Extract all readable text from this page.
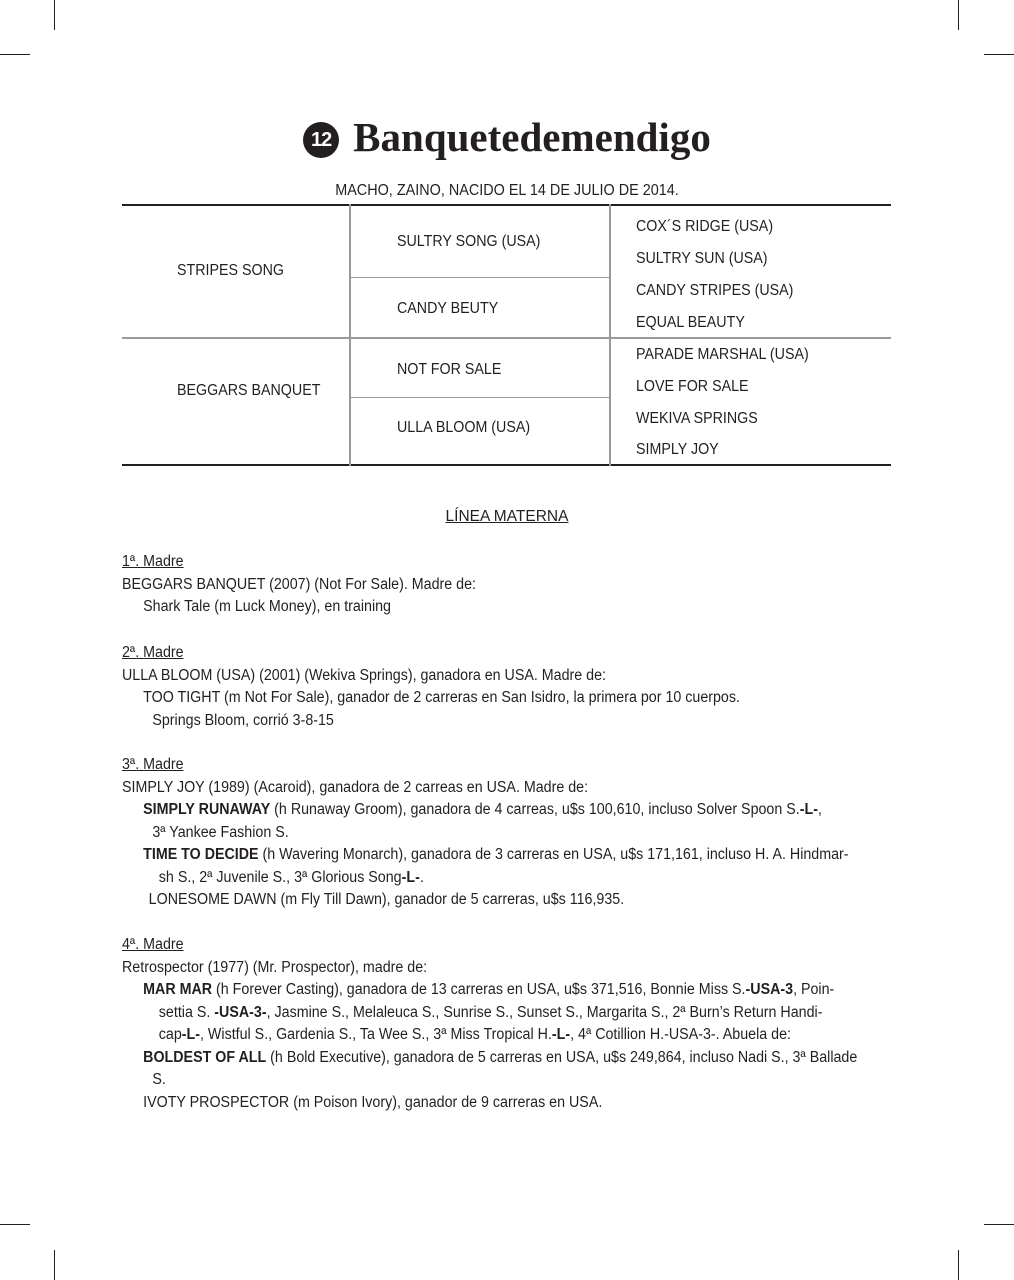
12 Banquetedemendigo
MACHO, ZAINO, NACIDO EL 14 DE JULIO DE 2014.
STRIPES SONG
BEGGARS BANQUET
SULTRY SONG (USA)
CANDY BEUTY
NOT FOR SALE
ULLA BLOOM (USA)
COX´S RIDGE (USA)
SULTRY SUN (USA)
CANDY STRIPES (USA)
EQUAL BEAUTY
PARADE MARSHAL (USA)
LOVE FOR SALE
WEKIVA SPRINGS
SIMPLY JOY
LÍNEA MATERNA
1ª. Madre
BEGGARS BANQUET (2007) (Not For Sale). Madre de:
Shark Tale (m Luck Money), en training
2ª. Madre
ULLA BLOOM (USA) (2001) (Wekiva Springs), ganadora en USA. Madre de:
TOO TIGHT (m Not For Sale), ganador de 2 carreras en San Isidro, la primera por 10 cuerpos.
Springs Bloom, corrió 3-8-15
3ª. Madre
SIMPLY JOY (1989) (Acaroid), ganadora de 2 carreas en USA. Madre de:
SIMPLY RUNAWAY (h Runaway Groom), ganadora de 4 carreas, u$s 100,610, incluso Solver Spoon S.-L-,
3ª Yankee Fashion S.
TIME TO DECIDE (h Wavering Monarch), ganadora de 3 carreras en USA, u$s 171,161, incluso H. A. Hindmar-
sh S., 2ª Juvenile S., 3ª Glorious Song-L-.
LONESOME DAWN (m Fly Till Dawn), ganador de 5 carreras, u$s 116,935.
4ª. Madre
Retrospector (1977) (Mr. Prospector), madre de:
MAR MAR (h Forever Casting), ganadora de 13 carreras en USA, u$s 371,516, Bonnie Miss S.-USA-3, Poin-
settia S. -USA-3-, Jasmine S., Melaleuca S., Sunrise S., Sunset S., Margarita S., 2ª Burn’s Return Handi-
cap-L-, Wistful S., Gardenia S., Ta Wee S., 3ª Miss Tropical H.-L-, 4ª Cotillion H.-USA-3-. Abuela de:
BOLDEST OF ALL (h Bold Executive), ganadora de 5 carreras en USA, u$s 249,864, incluso Nadi S., 3ª Ballade
S.
IVOTY PROSPECTOR (m Poison Ivory), ganador de 9 carreras en USA.
